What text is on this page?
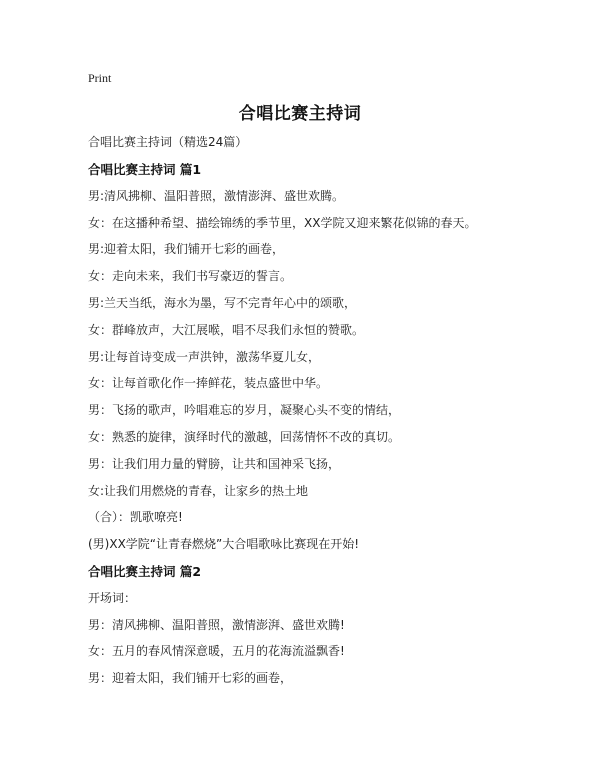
Print
合唱比赛主持词
合唱比赛主持词（精选24篇）
合唱比赛主持词 篇1
男:清风拂柳、温阳普照，激情澎湃、盛世欢腾。
女：在这播种希望、描绘锦绣的季节里，XX学院又迎来繁花似锦的春天。
男:迎着太阳，我们铺开七彩的画卷，
女：走向未来，我们书写豪迈的誓言。
男:兰天当纸，海水为墨，写不完青年心中的颂歌，
女：群峰放声，大江展喉，唱不尽我们永恒的赞歌。
男:让每首诗变成一声洪钟，激荡华夏儿女，
女：让每首歌化作一捧鲜花，装点盛世中华。
男：飞扬的歌声，吟唱难忘的岁月，凝聚心头不变的情结，
女：熟悉的旋律，演绎时代的激越，回荡情怀不改的真切。
男：让我们用力量的臂膀，让共和国神采飞扬，
女:让我们用燃烧的青春，让家乡的热土地
（合）：凯歌嘹亮!
(男)XX学院“让青春燃烧”大合唱歌咏比赛现在开始!
合唱比赛主持词 篇2
开场词：
男：清风拂柳、温阳普照，激情澎湃、盛世欢腾!
女：五月的春风情深意暖，五月的花海流溢飘香!
男：迎着太阳，我们铺开七彩的画卷，
